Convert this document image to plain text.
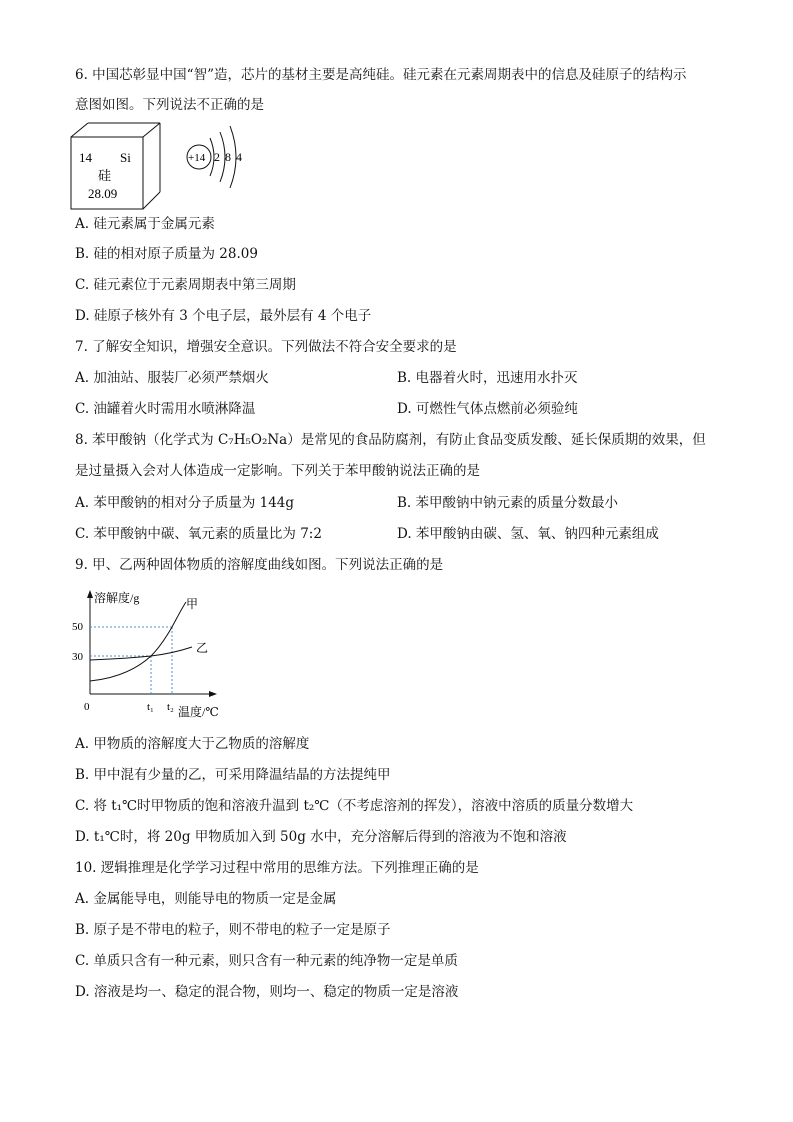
6. 中国芯彰显中国“智”造，芯片的基材主要是高纯硅。硅元素在元素周期表中的信息及硅原子的结构示
意图如图。下列说法不正确的是
14 Si
硅
28.09
+14 2 8 4
A. 硅元素属于金属元素
B. 硅的相对原子质量为 28.09
C. 硅元素位于元素周期表中第三周期
D. 硅原子核外有 3 个电子层，最外层有 4 个电子
7. 了解安全知识，增强安全意识。下列做法不符合安全要求的是
A. 加油站、服装厂必须严禁烟火	B. 电器着火时，迅速用水扑灭
C. 油罐着火时需用水喷淋降温	D. 可燃性气体点燃前必须验纯
8. 苯甲酸钠（化学式为 C₇H₅O₂Na）是常见的食品防腐剂，有防止食品变质发酸、延长保质期的效果，但
是过量摄入会对人体造成一定影响。下列关于苯甲酸钠说法正确的是
A. 苯甲酸钠的相对分子质量为 144g	B. 苯甲酸钠中钠元素的质量分数最小
C. 苯甲酸钠中碳、氧元素的质量比为 7:2	D. 苯甲酸钠由碳、氢、氧、钠四种元素组成
9. 甲、乙两种固体物质的溶解度曲线如图。下列说法正确的是
溶解度/g
温度/℃
0
30
50
t₁ t₂
甲
乙
A. 甲物质的溶解度大于乙物质的溶解度
B. 甲中混有少量的乙，可采用降温结晶的方法提纯甲
C. 将 t₁℃时甲物质的饱和溶液升温到 t₂℃（不考虑溶剂的挥发），溶液中溶质的质量分数增大
D. t₁℃时，将 20g 甲物质加入到 50g 水中，充分溶解后得到的溶液为不饱和溶液
10. 逻辑推理是化学学习过程中常用的思维方法。下列推理正确的是
A. 金属能导电，则能导电的物质一定是金属
B. 原子是不带电的粒子，则不带电的粒子一定是原子
C. 单质只含有一种元素，则只含有一种元素的纯净物一定是单质
D. 溶液是均一、稳定的混合物，则均一、稳定的物质一定是溶液
